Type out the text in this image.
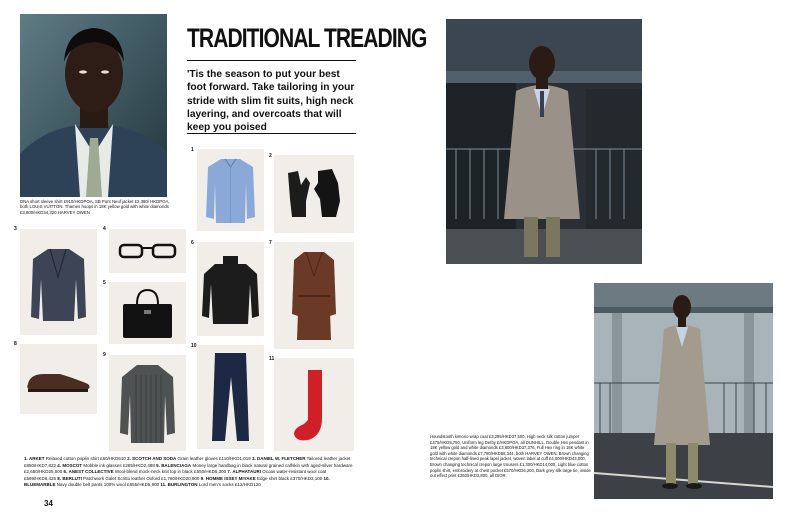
DNA short sleeve shirt £910/HKDPOA, SB Pont Neuf jacket £2,380/ HKDPOA, both LOUIS VUITTON. Thames hoops in 18K yellow gold with white diamonds £3,800/HKD34,320 HARVEY OWEN
TRADITIONAL TREADING
'Tis the season to put your best foot forward. Take tailoring in your stride with slim fit suits, high neck layering, and overcoats that will keep you poised
1
2
3	4
5
6	7
8
9
10
11
1. ARKET Relaxed cotton poplin shirt £60/HKD610 2. SCOTCH AND SODA Grain leather gloves £110/HKD1,019 3. DANIEL W. FLETCHER Tailored leather jacket £850/HKD7,822 4. MOSCOT Mobble ink glasses £285/HKD2,488 5. BALENCIAGA Money large handbag in black natural grained calfskin with aged-silver hardware £2,650/HKD25,500 6. ANEST COLLECTIVE Wool-blend mock-neck knit top in black £550/HKD5,300 7. ALPHATAURI Ocoas water-resistant wool coat £599/HKD6,425 8. BERLUTI Patchwork Galet Scritto leather Oxford £1,760/HKD20,900 9. HOMME ISSEY MIYAKE Edge shirt black £370/HKD3,100 10. BLUEMARBLE Navy double belt pants 100% wool £655/HKD5,900 11. BURLINGTON Lord men's socks £12/HKD120
34
Houndstooth kimono wrap coat £3,295/HKD37,500, High neck silk cotton jumper £475/HKD5,750, Uniform leg Derby £/HKDPOA, all DUNHILL. Double Hex pendant in 18K yellow gold and white diamonds £3,600/HKD37,376, Full Hex ring in 18K white gold with white diamonds £7,780/HKD68,344, both HARVEY OWEN. Brown changing technical crepon half-lined peak lapel jacket, woven label at cuff £4,000/HKD43,000, Brown changing technical crepon large trousers £1,300/HKD14,000, Light blue cotton poplin shirt, embroidery at chest pocket £570/HKD6,200, Dark grey silk large tie, inside out effect print £260/HKD2,800, all DIOR
